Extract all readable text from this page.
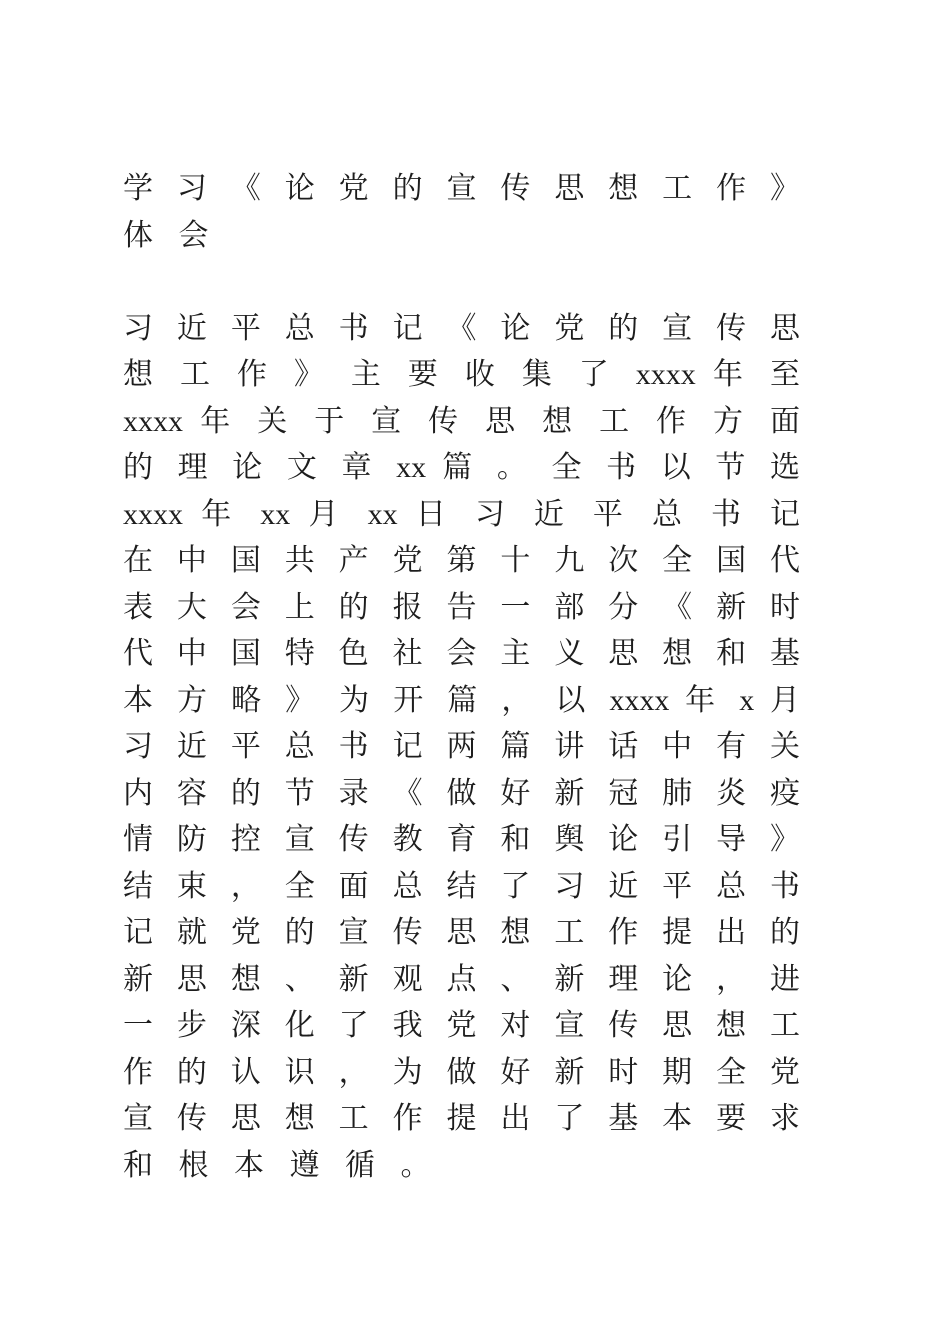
学 习 《 论 党 的 宣 传 思 想 工 作 》
体 会

习 近 平 总 书 记 《 论 党 的 宣 传 思
想 工 作 》 主 要 收 集 了 xxxx 年 至
xxxx 年 关 于 宣 传 思 想 工 作 方 面
的 理 论 文 章 xx 篇 。 全 书 以 节 选
xxxx 年 xx 月 xx 日 习 近 平 总 书 记
在 中 国 共 产 党 第 十 九 次 全 国 代
表 大 会 上 的 报 告 一 部 分 《 新 时
代 中 国 特 色 社 会 主 义 思 想 和 基
本 方 略 》 为 开 篇 ， 以 xxxx 年 x 月
习 近 平 总 书 记 两 篇 讲 话 中 有 关
内 容 的 节 录 《 做 好 新 冠 肺 炎 疫
情 防 控 宣 传 教 育 和 舆 论 引 导 》
结 束 ， 全 面 总 结 了 习 近 平 总 书
记 就 党 的 宣 传 思 想 工 作 提 出 的
新 思 想 、 新 观 点 、 新 理 论 ， 进
一 步 深 化 了 我 党 对 宣 传 思 想 工
作 的 认 识 ， 为 做 好 新 时 期 全 党
宣 传 思 想 工 作 提 出 了 基 本 要 求
和 根 本 遵 循 。
